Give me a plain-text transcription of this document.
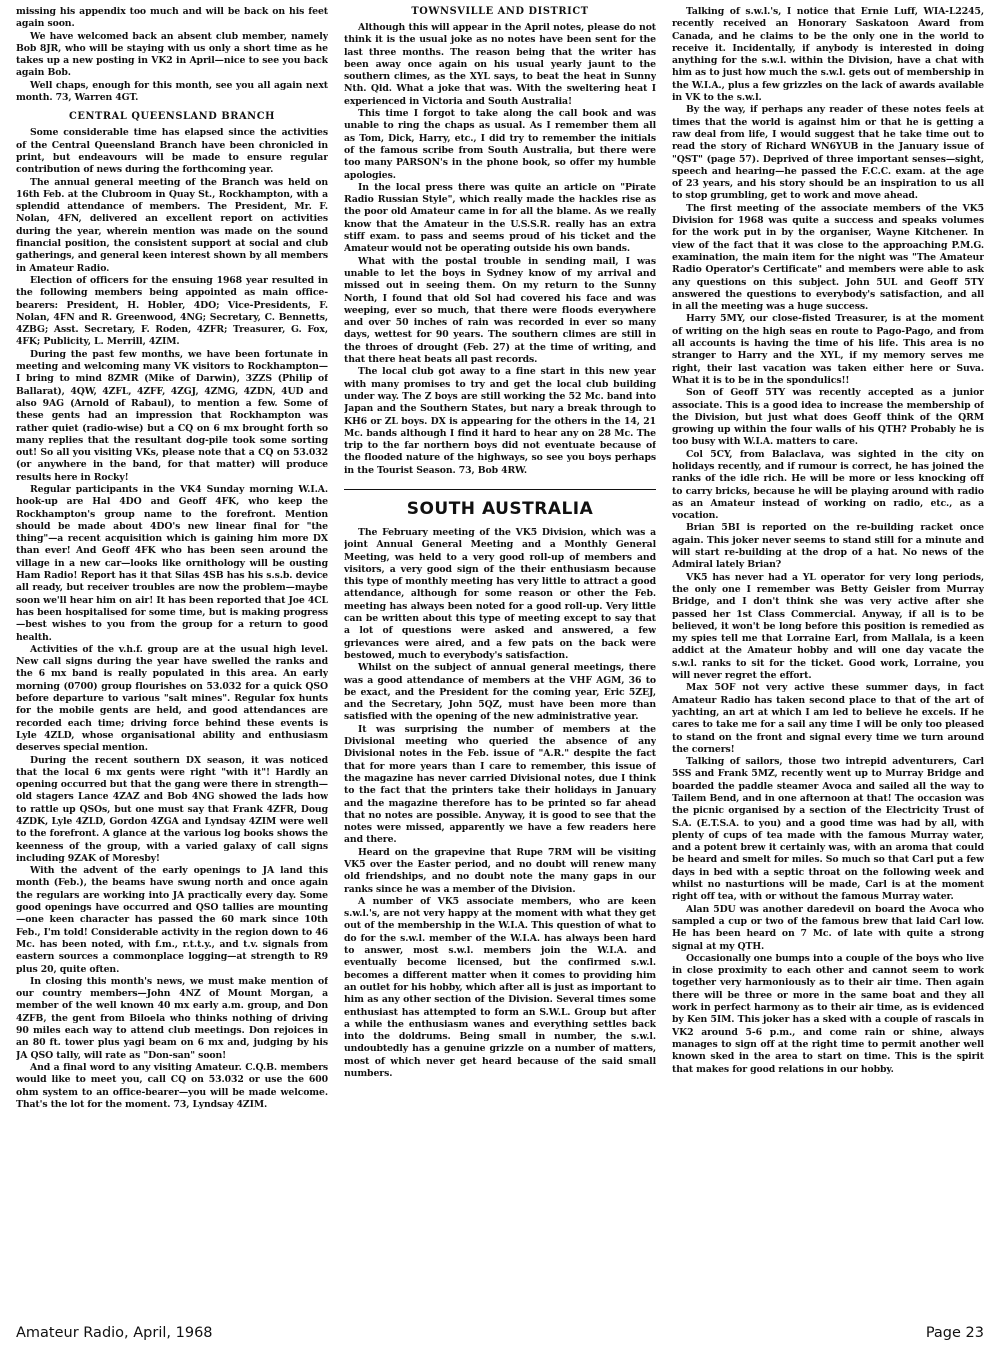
missing his appendix too much and will be back on his feet again soon.

We have welcomed back an absent club member, namely Bob 8JR, who will be staying with us only a short time as he takes up a new posting in VK2 in April—nice to see you back again Bob.

Well chaps, enough for this month, see you all again next month. 73, Warren 4GT.

CENTRAL QUEENSLAND BRANCH

Some considerable time has elapsed since the activities of the Central Queensland Branch have been chronicled in print, but endeavours will be made to ensure regular contribution of news during the forthcoming year.

The annual general meeting of the Branch was held on 16th Feb. at the Clubroom in Quay St., Rockhampton, with a splendid attendance of members. The President, Mr. F. Nolan, 4FN, delivered an excellent report on activities during the year, wherein mention was made on the sound financial position, the consistent support at social and club gatherings, and general keen interest shown by all members in Amateur Radio.

Election of officers for the ensuing 1968 year resulted in the following members being appointed as main office-bearers: President, H. Hobler, 4DO; Vice-Presidents, F. Nolan, 4FN and R. Greenwood, 4NG; Secretary, C. Bennetts, 4ZBG; Asst. Secretary, F. Roden, 4ZFR; Treasurer, G. Fox, 4FK; Publicity, L. Merrill, 4ZIM.

During the past few months, we have been fortunate in meeting and welcoming many VK visitors to Rockhampton—I bring to mind 8ZMR (Mike of Darwin), 3ZZS (Philip of Ballarat), 4QW, 4ZFL, 4ZFF, 4ZGJ, 4ZMG, 4ZDN, 4UD and also 9AG (Arnold of Rabaul), to mention a few. Some of these gents had an impression that Rockhampton was rather quiet (radio-wise) but a CQ on 6 mx brought forth so many replies that the resultant dog-pile took some sorting out! So all you visiting VKs, please note that a CQ on 53.032 (or anywhere in the band, for that matter) will produce results here in Rocky!

Regular participants in the VK4 Sunday morning W.I.A. hook-up are Hal 4DO and Geoff 4FK, who keep the Rockhampton's group name to the forefront. Mention should be made about 4DO's new linear final for "the thing"—a recent acquisition which is gaining him more DX than ever! And Geoff 4FK who has been seen around the village in a new car—looks like ornithology will be ousting Ham Radio! Report has it that Silas 4SB has his s.s.b. device all ready, but receiver troubles are now the problem—maybe soon we'll hear him on air! It has been reported that Joe 4CL has been hospitalised for some time, but is making progress—best wishes to you from the group for a return to good health.

Activities of the v.h.f. group are at the usual high level. New call signs during the year have swelled the ranks and the 6 mx band is really populated in this area. An early morning (0700) group flourishes on 53.032 for a quick QSO before departure to various "salt mines". Regular fox hunts for the mobile gents are held, and good attendances are recorded each time; driving force behind these events is Lyle 4ZLD, whose organisational ability and enthusiasm deserves special mention.

During the recent southern DX season, it was noticed that the local 6 mx gents were right "with it"! Hardly an opening occurred but that the gang were there in strength—old stagers Lance 4ZAZ and Bob 4NG showed the lads how to rattle up QSOs, but one must say that Frank 4ZFR, Doug 4ZDK, Lyle 4ZLD, Gordon 4ZGA and Lyndsay 4ZIM were well to the forefront. A glance at the various log books shows the keenness of the group, with a varied galaxy of call signs including 9ZAK of Moresby!

With the advent of the early openings to JA land this month (Feb.), the beams have swung north and once again the regulars are working into JA practically every day. Some good openings have occurred and QSO tallies are mounting—one keen character has passed the 60 mark since 10th Feb., I'm told! Considerable activity in the region down to 46 Mc. has been noted, with f.m., r.t.t.y., and t.v. signals from eastern sources a commonplace logging—at strength to R9 plus 20, quite often.

In closing this month's news, we must make mention of our country members—John 4NZ of Mount Morgan, a member of the well known 40 mx early a.m. group, and Don 4ZFB, the gent from Biloela who thinks nothing of driving 90 miles each way to attend club meetings. Don rejoices in an 80 ft. tower plus yagi beam on 6 mx and, judging by his JA QSO tally, will rate as "Don-san" soon!

And a final word to any visiting Amateur. C.Q.B. members would like to meet you, call CQ on 53.032 or use the 600 ohm system to an office-bearer—you will be made welcome. That's the lot for the moment. 73, Lyndsay 4ZIM.

TOWNSVILLE AND DISTRICT

Although this will appear in the April notes, please do not think it is the usual joke as no notes have been sent for the last three months. The reason being that the writer has been away once again on his usual yearly jaunt to the southern climes, as the XYL says, to beat the heat in Sunny Nth. Qld. What a joke that was. With the sweltering heat I experienced in Victoria and South Australia!

This time I forgot to take along the call book and was unable to ring the chaps as usual. As I remember them all as Tom, Dick, Harry, etc., I did try to remember the initials of the famous scribe from South Australia, but there were too many PARSON's in the phone book, so offer my humble apologies.

In the local press there was quite an article on "Pirate Radio Russian Style", which really made the hackles rise as the poor old Amateur came in for all the blame. As we really know that the Amateur in the U.S.S.R. really has an extra stiff exam. to pass and seems proud of his ticket and the Amateur would not be operating outside his own bands.

What with the postal trouble in sending mail, I was unable to let the boys in Sydney know of my arrival and missed out in seeing them. On my return to the Sunny North, I found that old Sol had covered his face and was weeping, ever so much, that there were floods everywhere and over 50 inches of rain was recorded in ever so many days, wettest for 90 years. The southern climes are still in the throes of drought (Feb. 27) at the time of writing, and that there heat beats all past records.

The local club got away to a fine start in this new year with many promises to try and get the local club building under way. The Z boys are still working the 52 Mc. band into Japan and the Southern States, but nary a break through to KH6 or ZL boys. DX is appearing for the others in the 14, 21 Mc. bands although I find it hard to hear any on 28 Mc. The trip to the far northern boys did not eventuate because of the flooded nature of the highways, so see you boys perhaps in the Tourist Season. 73, Bob 4RW.

SOUTH AUSTRALIA

The February meeting of the VK5 Division, which was a joint Annual General Meeting and a Monthly General Meeting, was held to a very good roll-up of members and visitors, a very good sign of the their enthusiasm because this type of monthly meeting has very little to attract a good attendance, although for some reason or other the Feb. meeting has always been noted for a good roll-up. Very little can be written about this type of meeting except to say that a lot of questions were asked and answered, a few grievances were aired, and a few pats on the back were bestowed, much to everybody's satisfaction.

Whilst on the subject of annual general meetings, there was a good attendance of members at the VHF AGM, 36 to be exact, and the President for the coming year, Eric 5ZEJ, and the Secretary, John 5QZ, must have been more than satisfied with the opening of the new administrative year.

It was surprising the number of members at the Divisional meeting who queried the absence of any Divisional notes in the Feb. issue of "A.R." despite the fact that for more years than I care to remember, this issue of the magazine has never carried Divisional notes, due I think to the fact that the printers take their holidays in January and the magazine therefore has to be printed so far ahead that no notes are possible. Anyway, it is good to see that the notes were missed, apparently we have a few readers here and there.

Heard on the grapevine that Rupe 7RM will be visiting VK5 over the Easter period, and no doubt will renew many old friendships, and no doubt note the many gaps in our ranks since he was a member of the Division.

A number of VK5 associate members, who are keen s.w.l.'s, are not very happy at the moment with what they get out of the membership in the W.I.A. This question of what to do for the s.w.l. member of the W.I.A. has always been hard to answer, most s.w.l. members join the W.I.A. and eventually become licensed, but the confirmed s.w.l. becomes a different matter when it comes to providing him an outlet for his hobby, which after all is just as important to him as any other section of the Division. Several times some enthusiast has attempted to form an S.W.L. Group but after a while the enthusiasm wanes and everything settles back into the doldrums. Being small in number, the s.w.l. undoubtedly has a genuine grizzle on a number of matters, most of which never get heard because of the said small numbers.

Talking of s.w.l.'s, I notice that Ernie Luff, WIA-L2245, recently received an Honorary Saskatoon Award from Canada, and he claims to be the only one in the world to receive it. Incidentally, if anybody is interested in doing anything for the s.w.l. within the Division, have a chat with him as to just how much the s.w.l. gets out of membership in the W.I.A., plus a few grizzles on the lack of awards available in VK to the s.w.l.

By the way, if perhaps any reader of these notes feels at times that the world is against him or that he is getting a raw deal from life, I would suggest that he take time out to read the story of Richard WN6YUB in the January issue of "QST" (page 57). Deprived of three important senses—sight, speech and hearing—he passed the F.C.C. exam. at the age of 23 years, and his story should be an inspiration to us all to stop grumbling, get to work and move ahead.

The first meeting of the associate members of the VK5 Division for 1968 was quite a success and speaks volumes for the work put in by the organiser, Wayne Kitchener. In view of the fact that it was close to the approaching P.M.G. examination, the main item for the night was "The Amateur Radio Operator's Certificate" and members were able to ask any questions on this subject. John 5UL and Geoff 5TY answered the questions to everybody's satisfaction, and all in all the meeting was a huge success.

Harry 5MY, our close-fisted Treasurer, is at the moment of writing on the high seas en route to Pago-Pago, and from all accounts is having the time of his life. This area is no stranger to Harry and the XYL, if my memory serves me right, their last vacation was taken either here or Suva. What it is to be in the spondulics!!

Son of Geoff 5TY was recently accepted as a junior associate. This is a good idea to increase the membership of the Division, but just what does Geoff think of the QRM growing up within the four walls of his QTH? Probably he is too busy with W.I.A. matters to care.

Col 5CY, from Balaclava, was sighted in the city on holidays recently, and if rumour is correct, he has joined the ranks of the idle rich. He will be more or less knocking off to carry bricks, because he will be playing around with radio as an Amateur instead of working on radio, etc., as a vocation.

Brian 5BI is reported on the re-building racket once again. This joker never seems to stand still for a minute and will start re-building at the drop of a hat. No news of the Admiral lately Brian?

VK5 has never had a YL operator for very long periods, the only one I remember was Betty Geisler from Murray Bridge, and I don't think she was very active after she passed her 1st Class Commercial. Anyway, if all is to be believed, it won't be long before this position is remedied as my spies tell me that Lorraine Earl, from Mallala, is a keen addict at the Amateur hobby and will one day vacate the s.w.l. ranks to sit for the ticket. Good work, Lorraine, you will never regret the effort.

Max 5OF not very active these summer days, in fact Amateur Radio has taken second place to that of the art of yachting, an art at which I am led to believe he excels. If he cares to take me for a sail any time I will be only too pleased to stand on the front and signal every time we turn around the corners!

Talking of sailors, those two intrepid adventurers, Carl 5SS and Frank 5MZ, recently went up to Murray Bridge and boarded the paddle steamer Avoca and sailed all the way to Tailem Bend, and in one afternoon at that! The occasion was the picnic organised by a section of the Electricity Trust of S.A. (E.T.S.A. to you) and a good time was had by all, with plenty of cups of tea made with the famous Murray water, and a potent brew it certainly was, with an aroma that could be heard and smelt for miles. So much so that Carl put a few days in bed with a septic throat on the following week and whilst no nasturtions will be made, Carl is at the moment right off tea, with or without the famous Murray water.

Alan 5DU was another daredevil on board the Avoca who sampled a cup or two of the famous brew that laid Carl low. He has been heard on 7 Mc. of late with quite a strong signal at my QTH.

Occasionally one bumps into a couple of the boys who live in close proximity to each other and cannot seem to work together very harmoniously as to their air time. Then again there will be three or more in the same boat and they all work in perfect harmony as to their air time, as is evidenced by Ken 5IM. This joker has a sked with a couple of rascals in VK2 around 5-6 p.m., and come rain or shine, always manages to sign off at the right time to permit another well known sked in the area to start on time. This is the spirit that makes for good relations in our hobby.

Amateur Radio, April, 1968	Page 23
